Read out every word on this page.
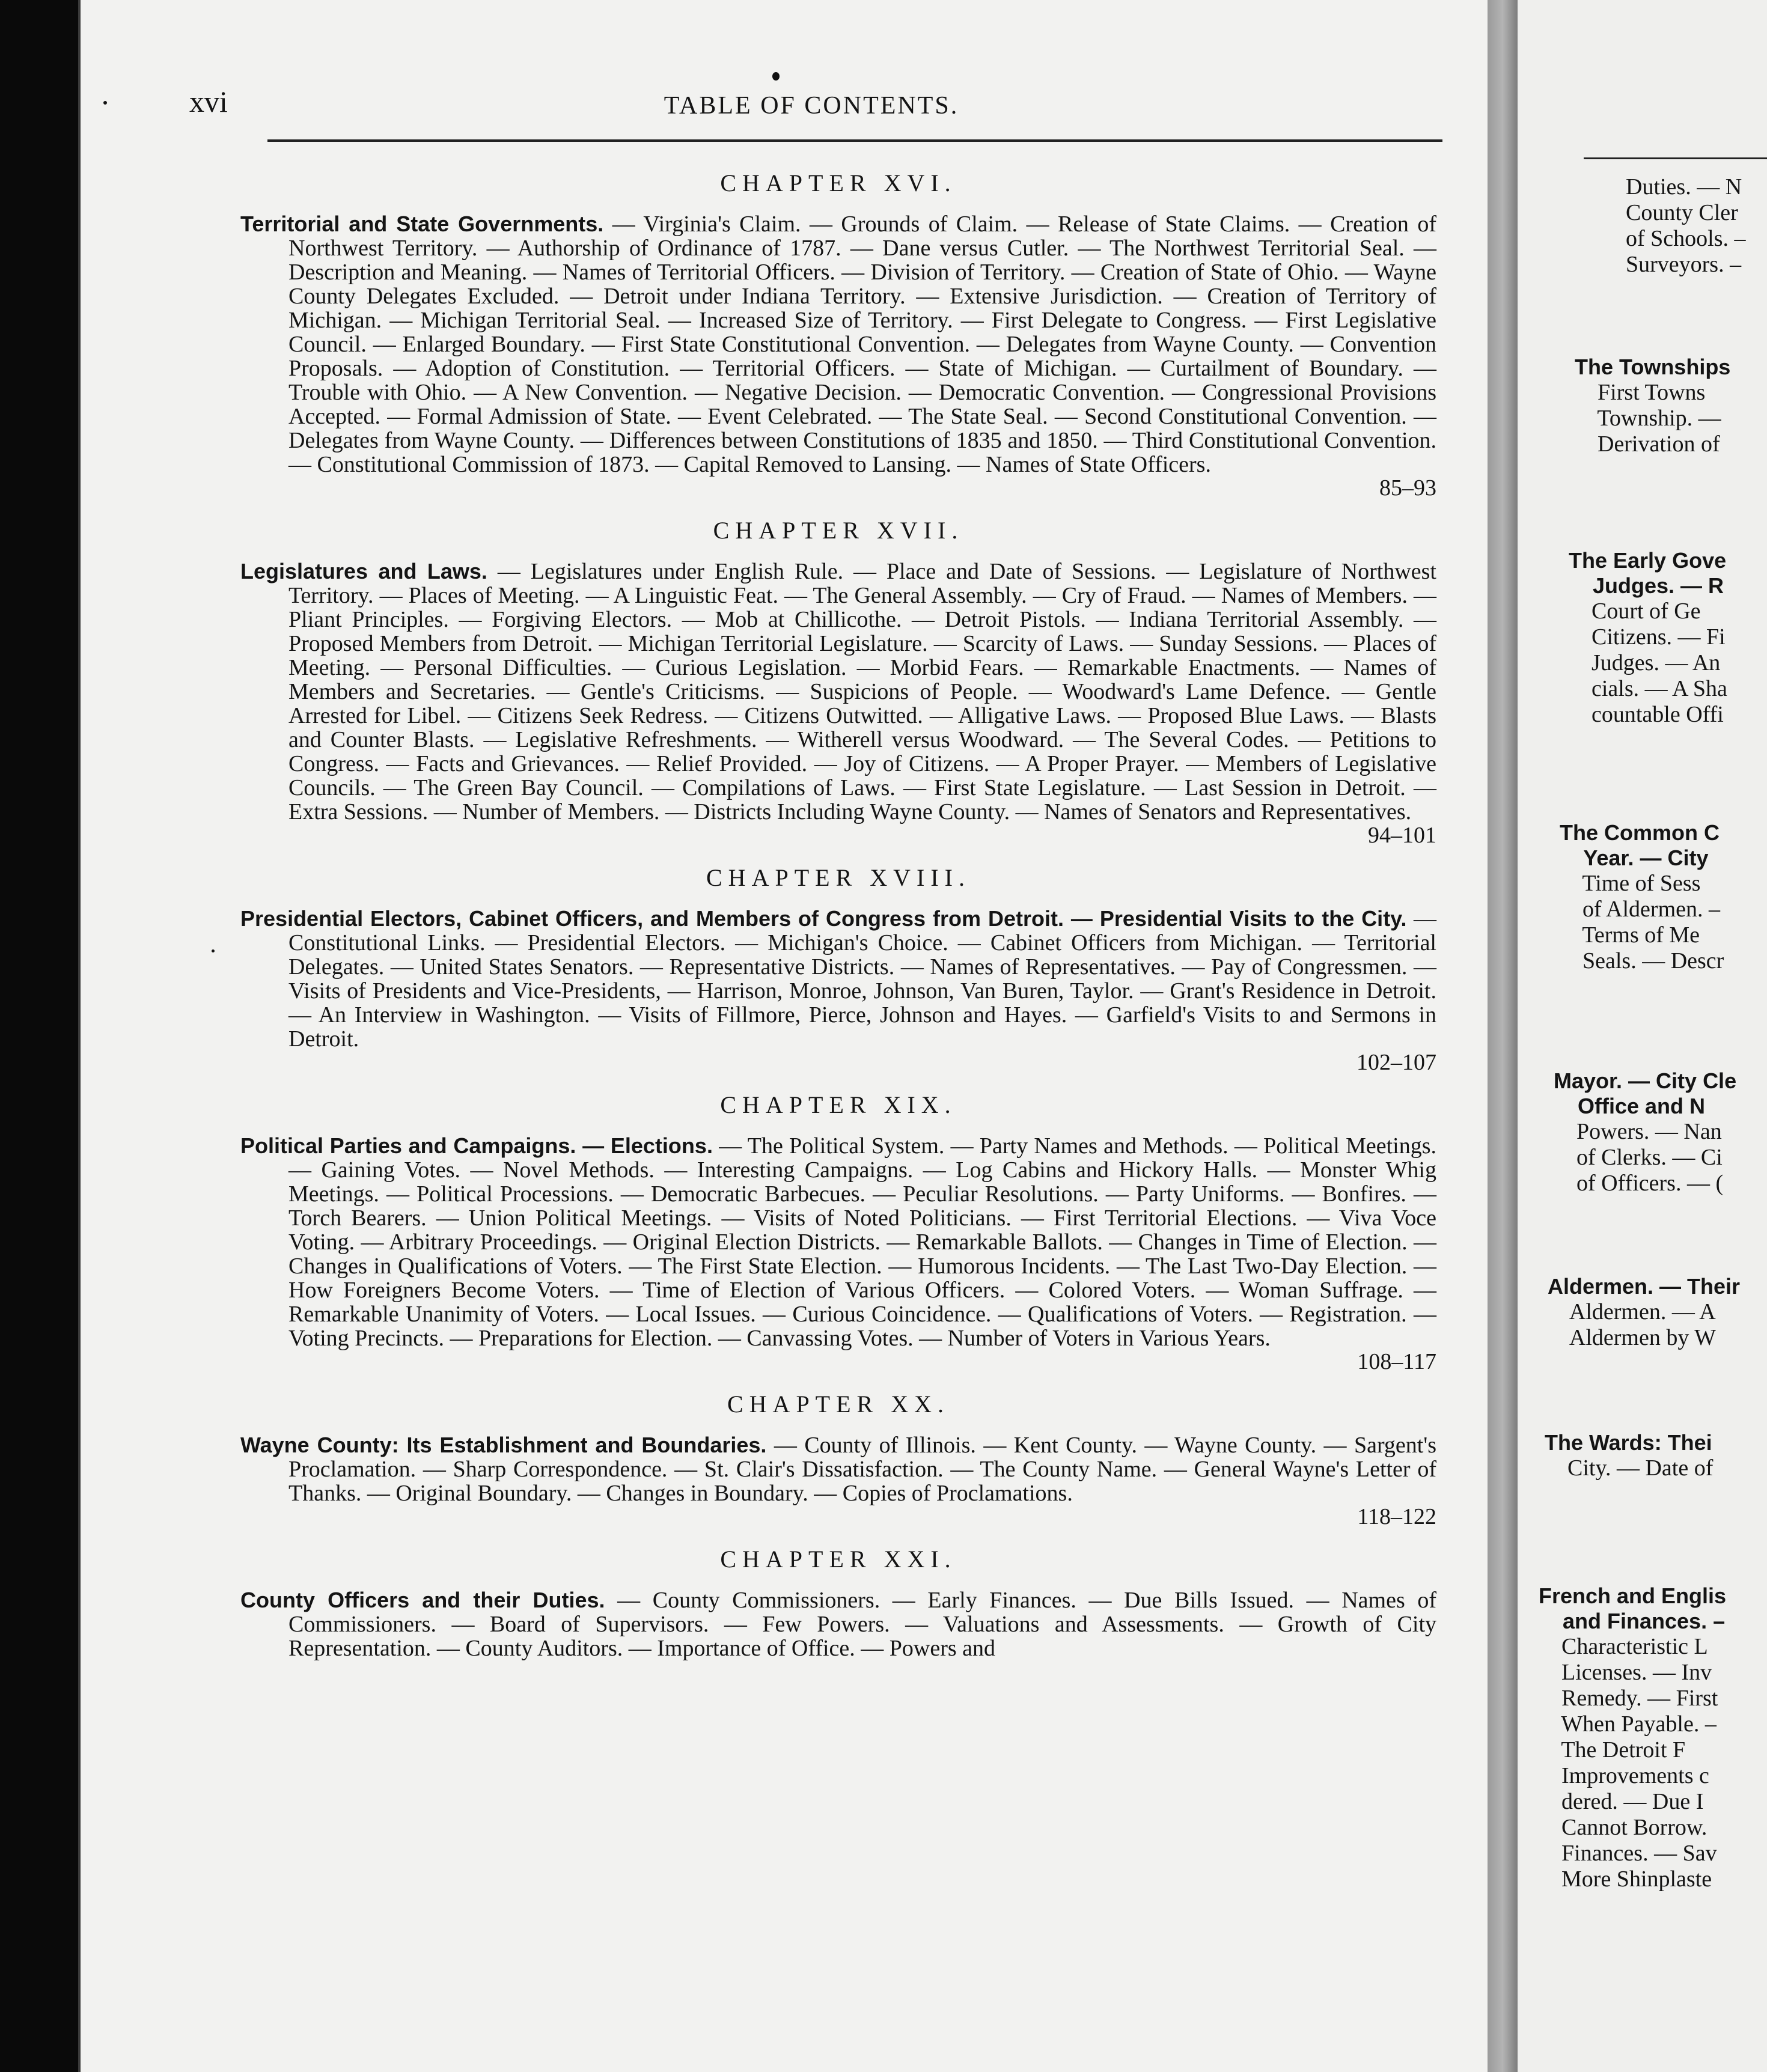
Duties. — N
County Cler
of Schools. –
Surveyors. –
The Townships
First Towns
Township. —
Derivation of
The Early Gove
Judges. — R
Court of Ge
Citizens. — Fi
Judges. — An
cials. — A Sha
countable Offi
The Common C
Year. — City
Time of Sess
of Aldermen. –
Terms of Me
Seals. — Descr
Mayor. — City Cle
Office and N
Powers. — Nan
of Clerks. — Ci
of Officers. — (
Aldermen. — Their
Aldermen. — A
Aldermen by W
The Wards: Thei
City. — Date of
French and Englis
and Finances. –
Characteristic L
Licenses. — Inv
Remedy. — First
When Payable. –
The Detroit F
Improvements c
dered. — Due I
Cannot Borrow.
Finances. — Sav
More Shinplaste
xvi	TABLE OF CONTENTS.
CHAPTER XVI.
Territorial and State Governments. — Virginia's Claim. — Grounds of Claim. — Release of State Claims. — Creation of Northwest Territory. — Authorship of Ordinance of 1787. — Dane versus Cutler. — The Northwest Territorial Seal. — Description and Meaning. — Names of Territorial Officers. — Division of Territory. — Creation of State of Ohio. — Wayne County Delegates Excluded. — Detroit under Indiana Territory. — Extensive Jurisdiction. — Creation of Territory of Michigan. — Michigan Territorial Seal. — Increased Size of Territory. — First Delegate to Congress. — First Legislative Council. — Enlarged Boundary. — First State Constitutional Convention. — Delegates from Wayne County. — Convention Proposals. — Adoption of Constitution. — Territorial Officers. — State of Michigan. — Curtailment of Boundary. — Trouble with Ohio. — A New Convention. — Negative Decision. — Democratic Convention. — Congressional Provisions Accepted. — Formal Admission of State. — Event Celebrated. — The State Seal. — Second Constitutional Convention. — Delegates from Wayne County. — Differences between Constitutions of 1835 and 1850. — Third Constitutional Convention. — Constitutional Commission of 1873. — Capital Removed to Lansing. — Names of State Officers.
85–93
CHAPTER XVII.
Legislatures and Laws. — Legislatures under English Rule. — Place and Date of Sessions. — Legislature of Northwest Territory. — Places of Meeting. — A Linguistic Feat. — The General Assembly. — Cry of Fraud. — Names of Members. — Pliant Principles. — Forgiving Electors. — Mob at Chillicothe. — Detroit Pistols. — Indiana Territorial Assembly. — Proposed Members from Detroit. — Michigan Territorial Legislature. — Scarcity of Laws. — Sunday Sessions. — Places of Meeting. — Personal Difficulties. — Curious Legislation. — Morbid Fears. — Remarkable Enactments. — Names of Members and Secretaries. — Gentle's Criticisms. — Suspicions of People. — Woodward's Lame Defence. — Gentle Arrested for Libel. — Citizens Seek Redress. — Citizens Outwitted. — Alligative Laws. — Proposed Blue Laws. — Blasts and Counter Blasts. — Legislative Refreshments. — Witherell versus Woodward. — The Several Codes. — Petitions to Congress. — Facts and Grievances. — Relief Provided. — Joy of Citizens. — A Proper Prayer. — Members of Legislative Councils. — The Green Bay Council. — Compilations of Laws. — First State Legislature. — Last Session in Detroit. — Extra Sessions. — Number of Members. — Districts Including Wayne County. — Names of Senators and Representatives.
94–101
CHAPTER XVIII.
Presidential Electors, Cabinet Officers, and Members of Congress from Detroit. — Presidential Visits to the City. — Constitutional Links. — Presidential Electors. — Michigan's Choice. — Cabinet Officers from Michigan. — Territorial Delegates. — United States Senators. — Representative Districts. — Names of Representatives. — Pay of Congressmen. — Visits of Presidents and Vice-Presidents, — Harrison, Monroe, Johnson, Van Buren, Taylor. — Grant's Residence in Detroit. — An Interview in Washington. — Visits of Fillmore, Pierce, Johnson and Hayes. — Garfield's Visits to and Sermons in Detroit.
102–107
CHAPTER XIX.
Political Parties and Campaigns. — Elections. — The Political System. — Party Names and Methods. — Political Meetings. — Gaining Votes. — Novel Methods. — Interesting Campaigns. — Log Cabins and Hickory Halls. — Monster Whig Meetings. — Political Processions. — Democratic Barbecues. — Peculiar Resolutions. — Party Uniforms. — Bonfires. — Torch Bearers. — Union Political Meetings. — Visits of Noted Politicians. — First Territorial Elections. — Viva Voce Voting. — Arbitrary Proceedings. — Original Election Districts. — Remarkable Ballots. — Changes in Time of Election. — Changes in Qualifications of Voters. — The First State Election. — Humorous Incidents. — The Last Two-Day Election. — How Foreigners Become Voters. — Time of Election of Various Officers. — Colored Voters. — Woman Suffrage. — Remarkable Unanimity of Voters. — Local Issues. — Curious Coincidence. — Qualifications of Voters. — Registration. — Voting Precincts. — Preparations for Election. — Canvassing Votes. — Number of Voters in Various Years.
108–117
CHAPTER XX.
Wayne County: Its Establishment and Boundaries. — County of Illinois. — Kent County. — Wayne County. — Sargent's Proclamation. — Sharp Correspondence. — St. Clair's Dissatisfaction. — The County Name. — General Wayne's Letter of Thanks. — Original Boundary. — Changes in Boundary. — Copies of Proclamations.
118–122
CHAPTER XXI.
County Officers and their Duties. — County Commissioners. — Early Finances. — Due Bills Issued. — Names of Commissioners. — Board of Supervisors. — Few Powers. — Valuations and Assessments. — Growth of City Representation. — County Auditors. — Importance of Office. — Powers and
